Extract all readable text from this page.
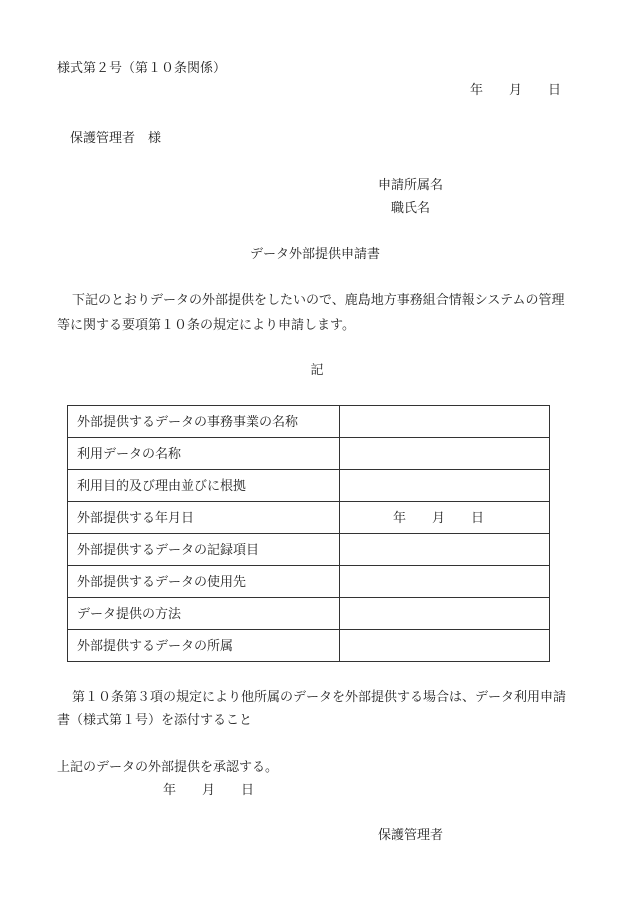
様式第２号（第１０条関係）
年　　月　　日
保護管理者　様
申請所属名
職氏名
データ外部提供申請書
下記のとおりデータの外部提供をしたいので、鹿島地方事務組合情報システムの管理
等に関する要項第１０条の規定により申請します。
記
外部提供するデータの事務事業の名称	
利用データの名称	
利用目的及び理由並びに根拠	
外部提供する年月日	年　　月　　日
外部提供するデータの記録項目	
外部提供するデータの使用先	
データ提供の方法	
外部提供するデータの所属	
第１０条第３項の規定により他所属のデータを外部提供する場合は、データ利用申請
書（様式第１号）を添付すること
上記のデータの外部提供を承認する。
年　　月　　日
保護管理者
